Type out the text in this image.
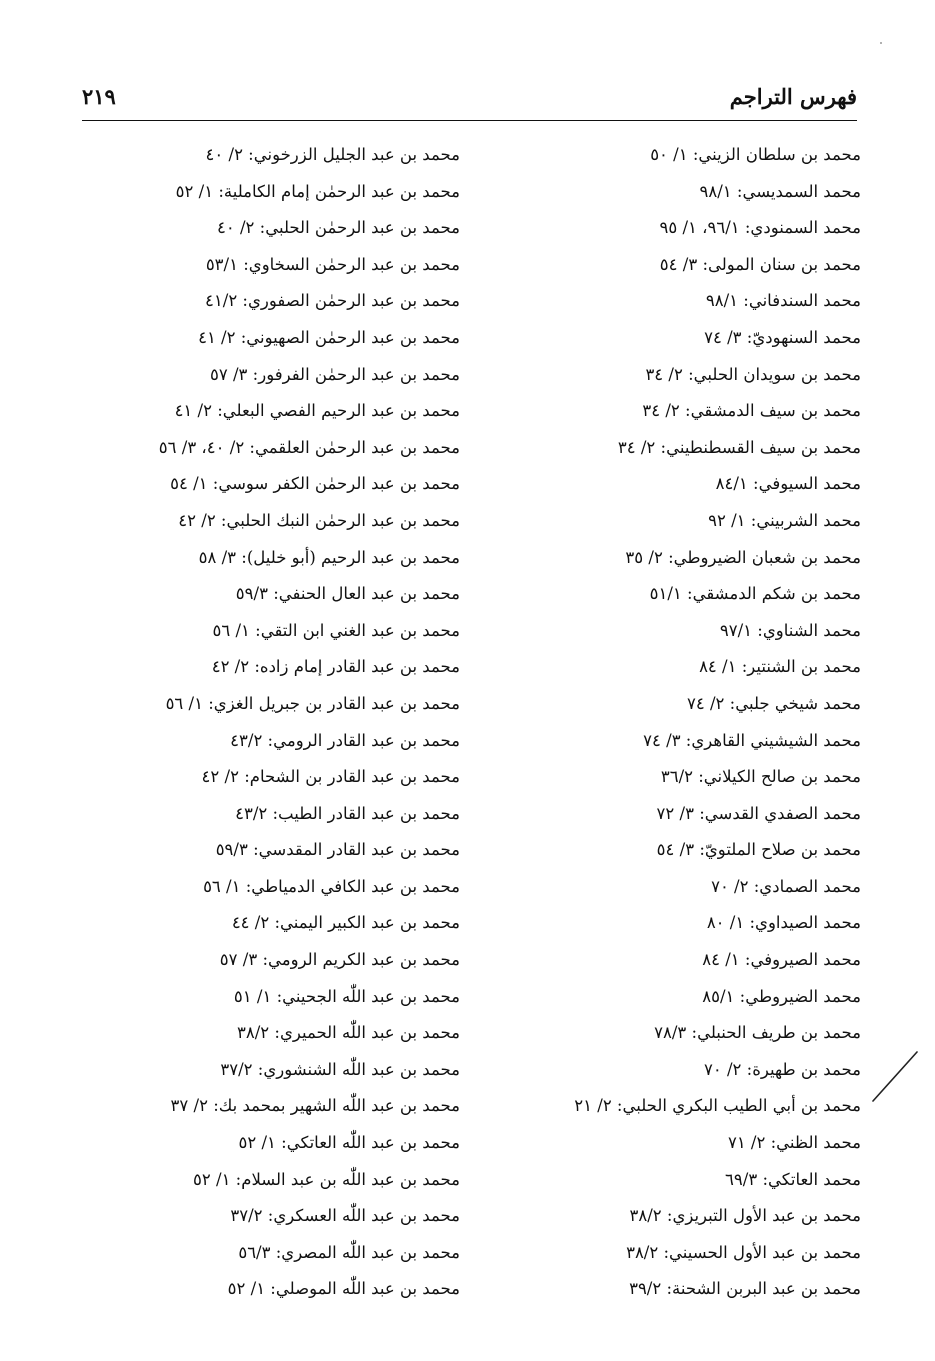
فهرس التراجم
٢١٩
محمد بن سلطان الزيني: ١/ ٥٠
محمد السمديسي: ٩٨/١
محمد السمنودي: ٩٦/١، ١/ ٩٥
محمد بن سنان المولى: ٣/ ٥٤
محمد السندفاني: ٩٨/١
محمد السنهوديّ: ٣/ ٧٤
محمد بن سويدان الحلبي: ٢/ ٣٤
محمد بن سيف الدمشقي: ٢/ ٣٤
محمد بن سيف القسطنطيني: ٢/ ٣٤
محمد السيوفي: ٨٤/١
محمد الشربيني: ١/ ٩٢
محمد بن شعبان الضيروطي: ٢/ ٣٥
محمد بن شكم الدمشقي: ٥١/١
محمد الشناوي: ٩٧/١
محمد بن الشنتير: ١/ ٨٤
محمد شيخي جلبي: ٢/ ٧٤
محمد الشيشيني القاهري: ٣/ ٧٤
محمد بن صالح الكيلاني: ٣٦/٢
محمد الصفدي القدسي: ٣/ ٧٢
محمد بن صلاح الملتويّ: ٣/ ٥٤
محمد الصمادي: ٢/ ٧٠
محمد الصيداوي: ١/ ٨٠
محمد الصيروفي: ١/ ٨٤
محمد الضيروطي: ٨٥/١
محمد بن طريف الحنبلي: ٧٨/٣
محمد بن طهيرة: ٢/ ٧٠
محمد بن أبي الطيب البكري الحلبي: ٢/ ٢١
محمد الظني: ٢/ ٧١
محمد العاتكي: ٦٩/٣
محمد بن عبد الأول التبريزي: ٣٨/٢
محمد بن عبد الأول الحسيني: ٣٨/٢
محمد بن عبد البربن الشحنة: ٣٩/٢
محمد بن عبد الجليل الزرخوني: ٢/ ٤٠
محمد بن عبد الرحمٰن إمام الكاملية: ١/ ٥٢
محمد بن عبد الرحمٰن الحلبي: ٢/ ٤٠
محمد بن عبد الرحمٰن السخاوي: ٥٣/١
محمد بن عبد الرحمٰن الصفوري: ٤١/٢
محمد بن عبد الرحمٰن الصهيوني: ٢/ ٤١
محمد بن عبد الرحمٰن الفرفور: ٣/ ٥٧
محمد بن عبد الرحيم الفصي البعلي: ٢/ ٤١
محمد بن عبد الرحمٰن العلقمي: ٢/ ٤٠، ٣/ ٥٦
محمد بن عبد الرحمٰن الكفر سوسي: ١/ ٥٤
محمد بن عبد الرحمٰن النبك الحلبي: ٢/ ٤٢
محمد بن عبد الرحيم (أبو خليل): ٣/ ٥٨
محمد بن عبد العال الحنفي: ٥٩/٣
محمد بن عبد الغني ابن التقي: ١/ ٥٦
محمد بن عبد القادر إمام زاده: ٢/ ٤٢
محمد بن عبد القادر بن جبريل الغزي: ١/ ٥٦
محمد بن عبد القادر الرومي: ٤٣/٢
محمد بن عبد القادر بن الشحام: ٢/ ٤٢
محمد بن عبد القادر الطيب: ٤٣/٢
محمد بن عبد القادر المقدسي: ٥٩/٣
محمد بن عبد الكافي الدمياطي: ١/ ٥٦
محمد بن عبد الكبير اليمني: ٢/ ٤٤
محمد بن عبد الكريم الرومي: ٣/ ٥٧
محمد بن عبد اللّٰه الجحيني: ١/ ٥١
محمد بن عبد اللّٰه الحميري: ٣٨/٢
محمد بن عبد اللّٰه الشنشوري: ٣٧/٢
محمد بن عبد اللّٰه الشهير بمحمد بك: ٢/ ٣٧
محمد بن عبد اللّٰه العاتكي: ١/ ٥٢
محمد بن عبد اللّٰه بن عبد السلام: ١/ ٥٢
محمد بن عبد اللّٰه العسكري: ٣٧/٢
محمد بن عبد اللّٰه المصري: ٥٦/٣
محمد بن عبد اللّٰه الموصلي: ١/ ٥٢
